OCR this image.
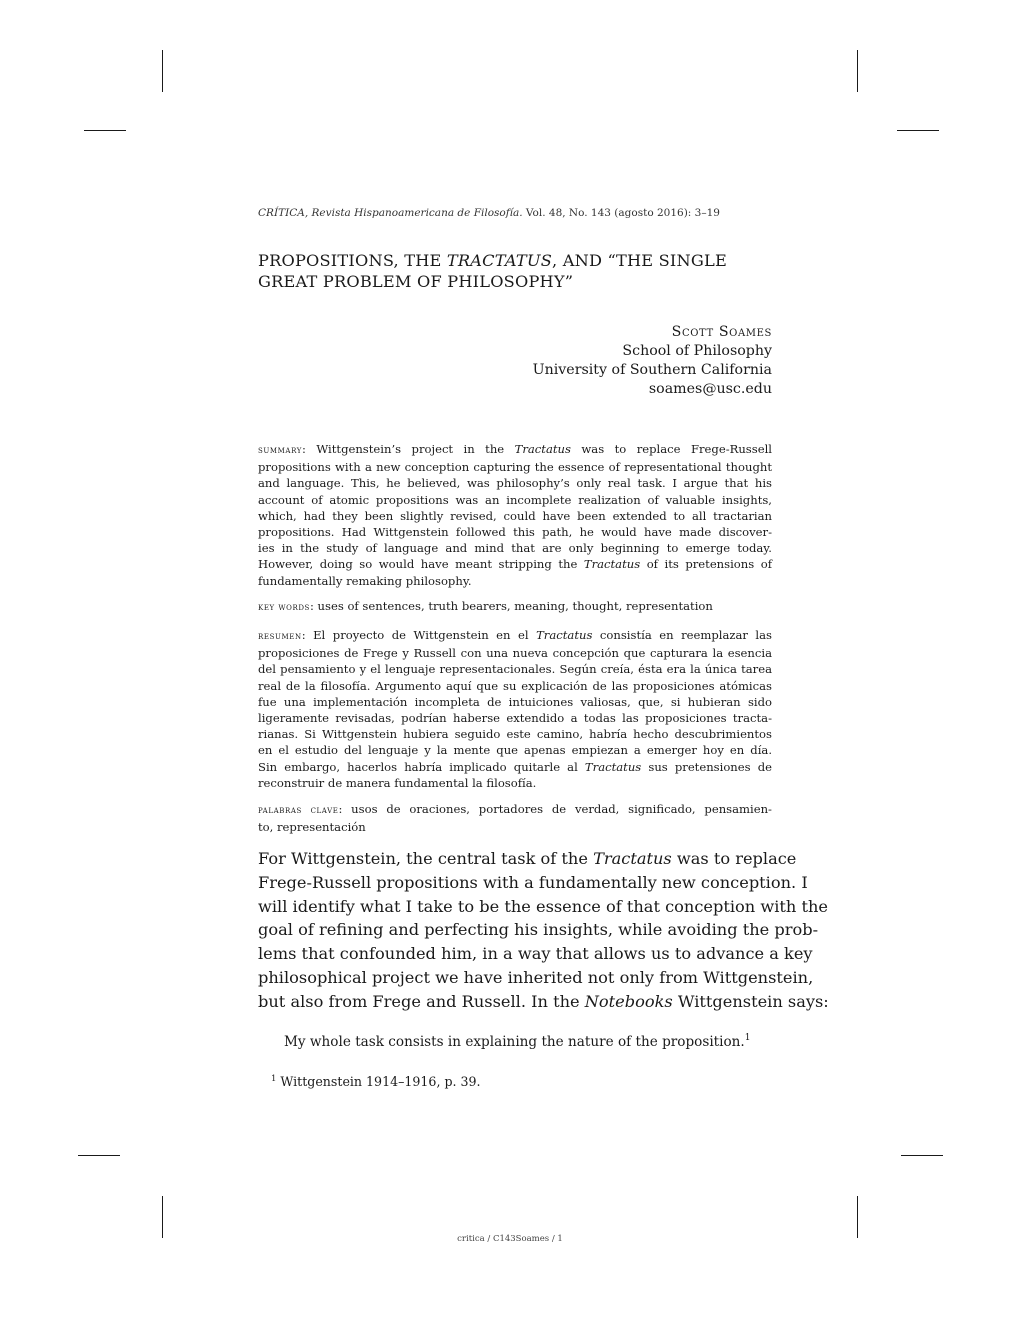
CRÍTICA, Revista Hispanoamericana de Filosofía. Vol. 48, No. 143 (agosto 2016): 3–19
PROPOSITIONS, THE TRACTATUS, AND “THE SINGLE
GREAT PROBLEM OF PHILOSOPHY”
Scott Soames
School of Philosophy
University of Southern California
soames@usc.edu
summary: Wittgenstein’s project in the Tractatus was to replace Frege-Russell
propositions with a new conception capturing the essence of representational thought
and language. This, he believed, was philosophy’s only real task. I argue that his
account of atomic propositions was an incomplete realization of valuable insights,
which, had they been slightly revised, could have been extended to all tractarian
propositions. Had Wittgenstein followed this path, he would have made discover-
ies in the study of language and mind that are only beginning to emerge today.
However, doing so would have meant stripping the Tractatus of its pretensions of
fundamentally remaking philosophy.
key words: uses of sentences, truth bearers, meaning, thought, representation
resumen: El proyecto de Wittgenstein en el Tractatus consistía en reemplazar las
proposiciones de Frege y Russell con una nueva concepción que capturara la esencia
del pensamiento y el lenguaje representacionales. Según creía, ésta era la única tarea
real de la filosofía. Argumento aquí que su explicación de las proposiciones atómicas
fue una implementación incompleta de intuiciones valiosas, que, si hubieran sido
ligeramente revisadas, podrían haberse extendido a todas las proposiciones tracta-
rianas. Si Wittgenstein hubiera seguido este camino, habría hecho descubrimientos
en el estudio del lenguaje y la mente que apenas empiezan a emerger hoy en día.
Sin embargo, hacerlos habría implicado quitarle al Tractatus sus pretensiones de
reconstruir de manera fundamental la filosofía.
palabras clave: usos de oraciones, portadores de verdad, significado, pensamien-
to, representación
For Wittgenstein, the central task of the Tractatus was to replace
Frege-Russell propositions with a fundamentally new conception. I
will identify what I take to be the essence of that conception with the
goal of refining and perfecting his insights, while avoiding the prob-
lems that confounded him, in a way that allows us to advance a key
philosophical project we have inherited not only from Wittgenstein,
but also from Frege and Russell. In the Notebooks Wittgenstein says:
My whole task consists in explaining the nature of the proposition.$^1$
$^1$ Wittgenstein 1914–1916, p. 39.
critica / C143Soames / 1
